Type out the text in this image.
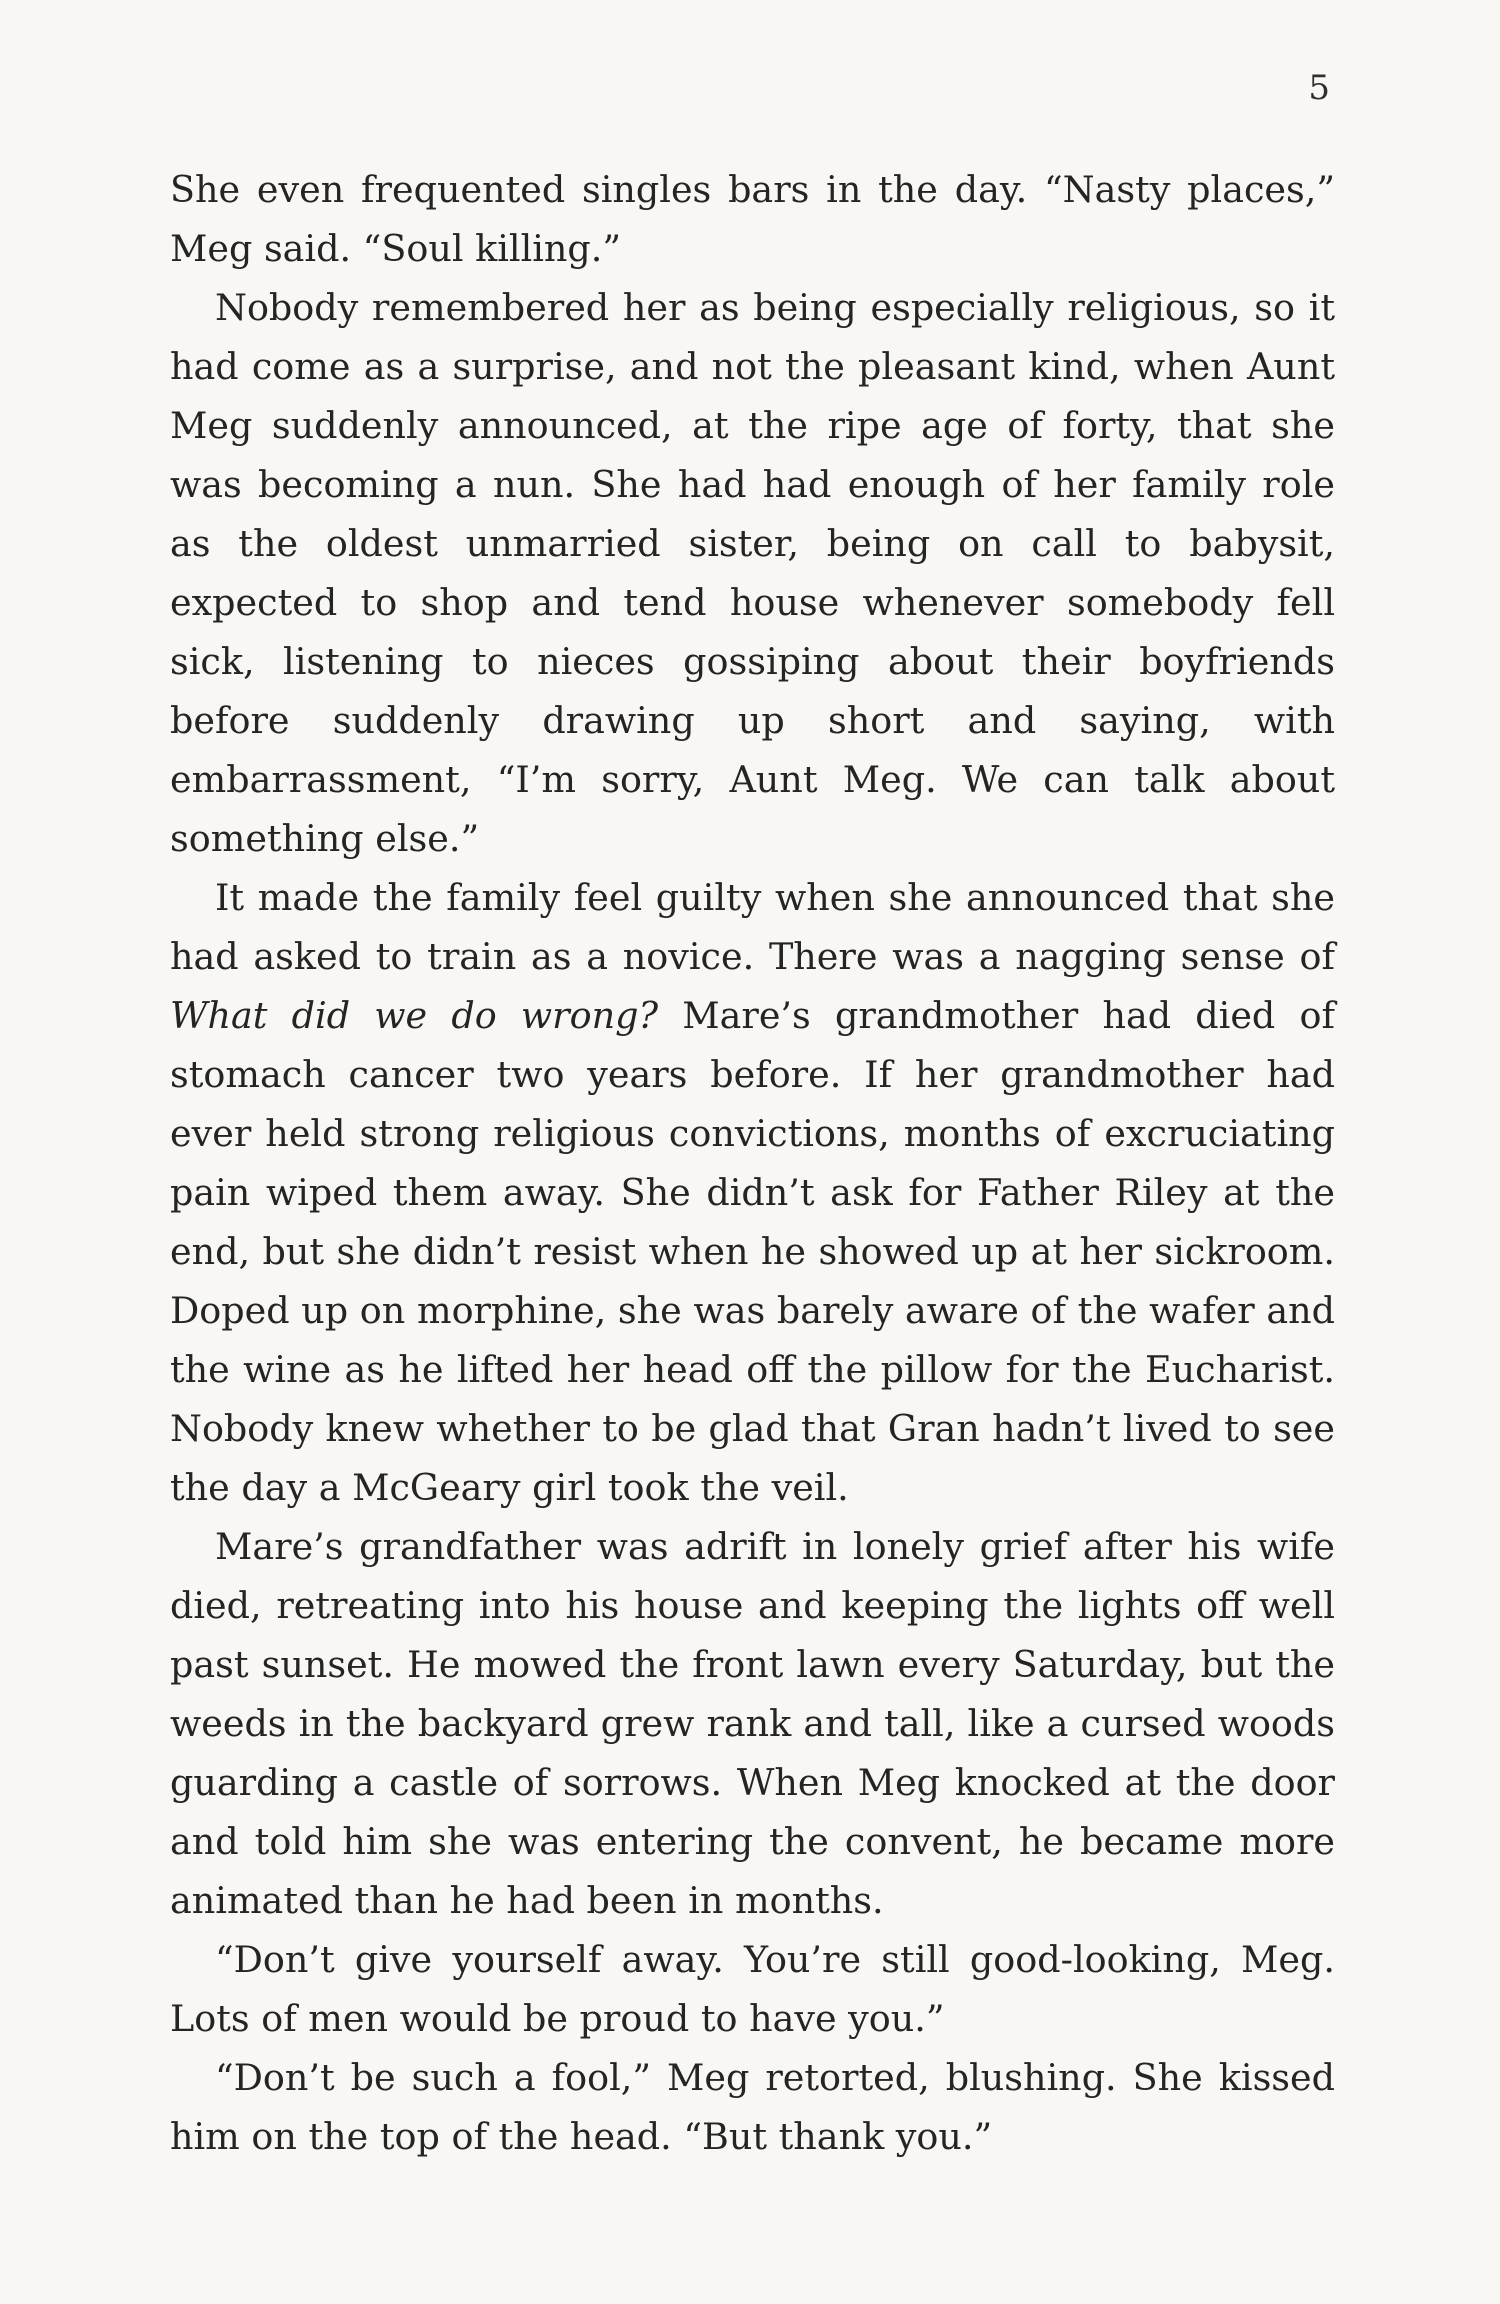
5

She even frequented singles bars in the day. “Nasty places,” Meg said. “Soul killing.”

Nobody remembered her as being especially religious, so it had come as a surprise, and not the pleasant kind, when Aunt Meg suddenly announced, at the ripe age of forty, that she was becoming a nun. She had had enough of her family role as the oldest unmarried sister, being on call to babysit, expected to shop and tend house whenever somebody fell sick, listening to nieces gossiping about their boyfriends before suddenly drawing up short and saying, with embarrassment, “I’m sorry, Aunt Meg. We can talk about something else.”

It made the family feel guilty when she announced that she had asked to train as a novice. There was a nagging sense of What did we do wrong? Mare’s grandmother had died of stomach cancer two years before. If her grandmother had ever held strong religious convictions, months of excruciating pain wiped them away. She didn’t ask for Father Riley at the end, but she didn’t resist when he showed up at her sickroom. Doped up on morphine, she was barely aware of the wafer and the wine as he lifted her head off the pillow for the Eucharist. Nobody knew whether to be glad that Gran hadn’t lived to see the day a McGeary girl took the veil.

Mare’s grandfather was adrift in lonely grief after his wife died, retreating into his house and keeping the lights off well past sunset. He mowed the front lawn every Saturday, but the weeds in the backyard grew rank and tall, like a cursed woods guarding a castle of sorrows. When Meg knocked at the door and told him she was entering the convent, he became more animated than he had been in months.

“Don’t give yourself away. You’re still good-looking, Meg. Lots of men would be proud to have you.”

“Don’t be such a fool,” Meg retorted, blushing. She kissed him on the top of the head. “But thank you.”
